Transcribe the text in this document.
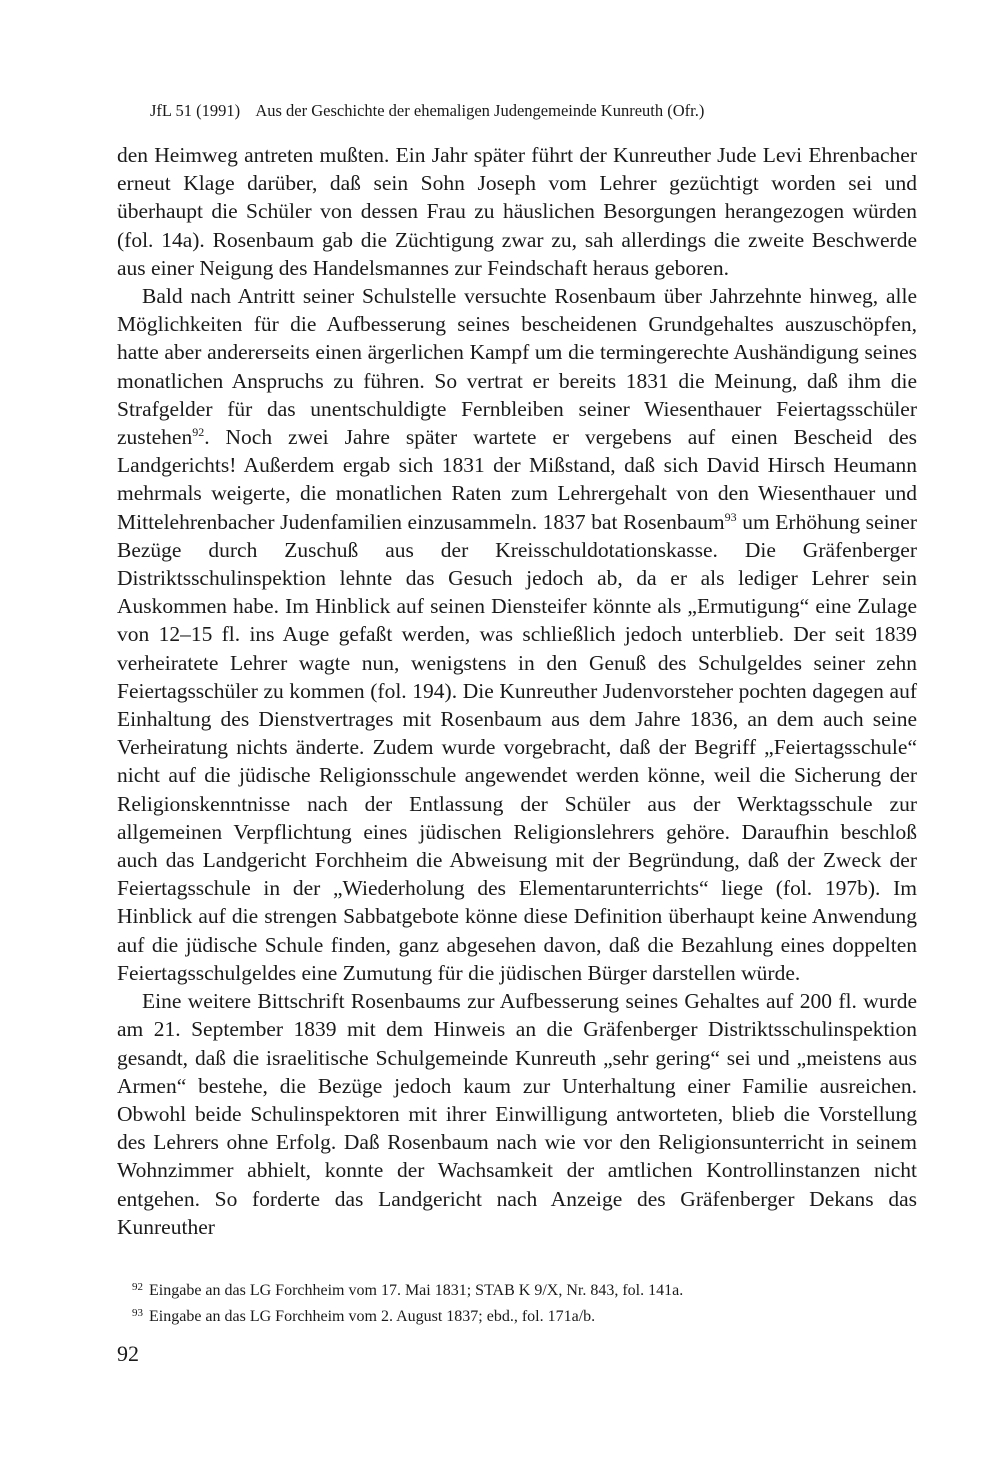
JfL 51 (1991) Aus der Geschichte der ehemaligen Judengemeinde Kunreuth (Ofr.)

den Heimweg antreten mußten. Ein Jahr später führt der Kunreuther Jude Levi Ehrenbacher erneut Klage darüber, daß sein Sohn Joseph vom Lehrer gezüchtigt worden sei und überhaupt die Schüler von dessen Frau zu häuslichen Besorgungen herangezogen würden (fol. 14a). Rosenbaum gab die Züchtigung zwar zu, sah allerdings die zweite Beschwerde aus einer Neigung des Handelsmannes zur Feindschaft heraus geboren.

Bald nach Antritt seiner Schulstelle versuchte Rosenbaum über Jahrzehnte hinweg, alle Möglichkeiten für die Aufbesserung seines bescheidenen Grundgehaltes auszuschöpfen, hatte aber andererseits einen ärgerlichen Kampf um die termingerechte Aushändigung seines monatlichen Anspruchs zu führen. So vertrat er bereits 1831 die Meinung, daß ihm die Strafgelder für das unentschuldigte Fernbleiben seiner Wiesenthauer Feiertagsschüler zustehen$^{92}$. Noch zwei Jahre später wartete er vergebens auf einen Bescheid des Landgerichts! Außerdem ergab sich 1831 der Mißstand, daß sich David Hirsch Heumann mehrmals weigerte, die monatlichen Raten zum Lehrergehalt von den Wiesenthauer und Mittelehrenbacher Judenfamilien einzusammeln. 1837 bat Rosenbaum$^{93}$ um Erhöhung seiner Bezüge durch Zuschuß aus der Kreisschuldotationskasse. Die Gräfenberger Distriktsschulinspektion lehnte das Gesuch jedoch ab, da er als lediger Lehrer sein Auskommen habe. Im Hinblick auf seinen Diensteifer könnte als „Ermutigung“ eine Zulage von 12–15 fl. ins Auge gefaßt werden, was schließlich jedoch unterblieb. Der seit 1839 verheiratete Lehrer wagte nun, wenigstens in den Genuß des Schulgeldes seiner zehn Feiertagsschüler zu kommen (fol. 194). Die Kunreuther Judenvorsteher pochten dagegen auf Einhaltung des Dienstvertrages mit Rosenbaum aus dem Jahre 1836, an dem auch seine Verheiratung nichts änderte. Zudem wurde vorgebracht, daß der Begriff „Feiertagsschule“ nicht auf die jüdische Religionsschule angewendet werden könne, weil die Sicherung der Religionskenntnisse nach der Entlassung der Schüler aus der Werktagsschule zur allgemeinen Verpflichtung eines jüdischen Religionslehrers gehöre. Daraufhin beschloß auch das Landgericht Forchheim die Abweisung mit der Begründung, daß der Zweck der Feiertagsschule in der „Wiederholung des Elementarunterrichts“ liege (fol. 197b). Im Hinblick auf die strengen Sabbatgebote könne diese Definition überhaupt keine Anwendung auf die jüdische Schule finden, ganz abgesehen davon, daß die Bezahlung eines doppelten Feiertagsschulgeldes eine Zumutung für die jüdischen Bürger darstellen würde.

Eine weitere Bittschrift Rosenbaums zur Aufbesserung seines Gehaltes auf 200 fl. wurde am 21. September 1839 mit dem Hinweis an die Gräfenberger Distriktsschulinspektion gesandt, daß die israelitische Schulgemeinde Kunreuth „sehr gering“ sei und „meistens aus Armen“ bestehe, die Bezüge jedoch kaum zur Unterhaltung einer Familie ausreichen. Obwohl beide Schulinspektoren mit ihrer Einwilligung antworteten, blieb die Vorstellung des Lehrers ohne Erfolg. Daß Rosenbaum nach wie vor den Religionsunterricht in seinem Wohnzimmer abhielt, konnte der Wachsamkeit der amtlichen Kontrollinstanzen nicht entgehen. So forderte das Landgericht nach Anzeige des Gräfenberger Dekans das Kunreuther

$^{92}$ Eingabe an das LG Forchheim vom 17. Mai 1831; STAB K 9/X, Nr. 843, fol. 141a.

$^{93}$ Eingabe an das LG Forchheim vom 2. August 1837; ebd., fol. 171a/b.

92
